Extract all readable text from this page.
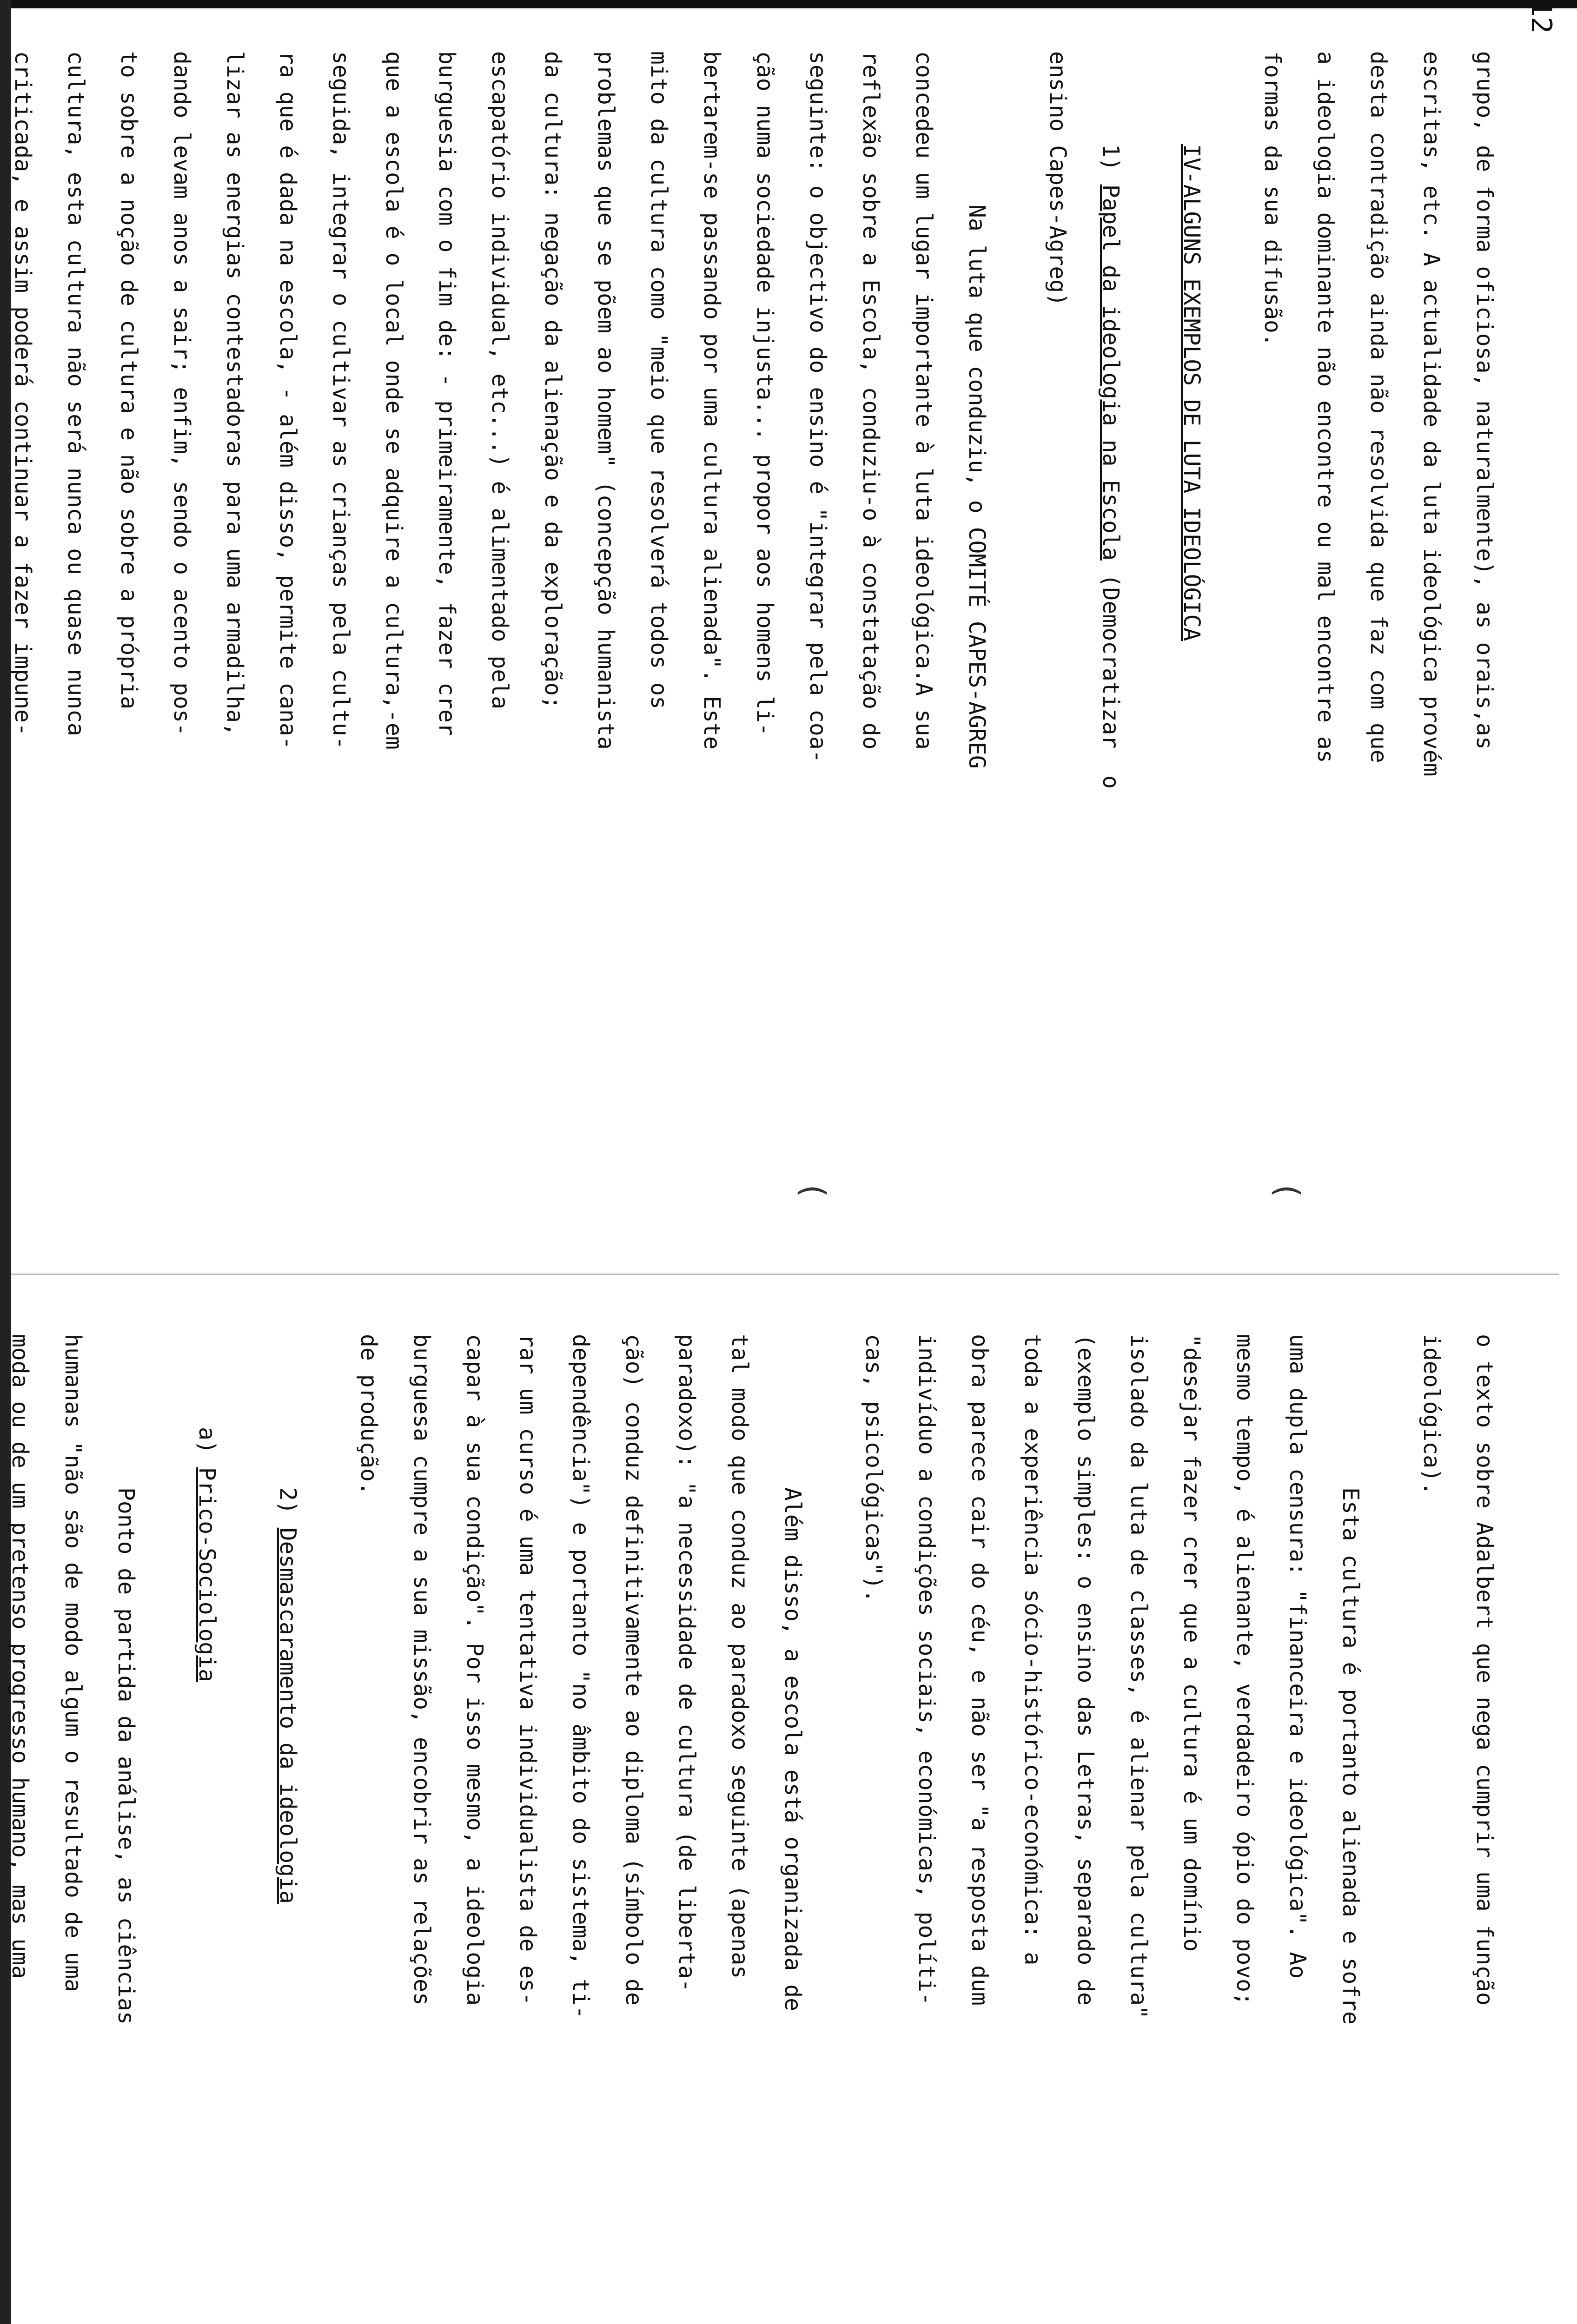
12
grupo, de forma oficiosa, naturalmente), as orais,as
escritas, etc. A actualidade da luta ideológica provém
desta contradição ainda não resolvida que faz com que
a ideologia dominante não encontre ou mal encontre as
formas da sua difusão.
IV-ALGUNS EXEMPLOS DE LUTA IDEOLÓGICA
1) Papel da ideologia na Escola (Democratizar  o
ensino Capes-Agreg)
Na luta que conduziu, o COMITÉ CAPES-AGREG
concedeu um lugar importante à luta ideológica.A sua
reflexão sobre a Escola, conduziu-o à constatação do
seguinte: o objectivo do ensino é "integrar pela coa-
ção numa sociedade injusta... propor aos homens li-
bertarem-se passando por uma cultura alienada". Este
mito da cultura como "meio que resolverá todos os
problemas que se põem ao homem" (concepção humanista
da cultura: negação da alienação e da exploração;
escapatório individual, etc...) é alimentado pela
burguesia com o fim de: - primeiramente, fazer crer
que a escola é o local onde se adquire a cultura,-em
seguida, integrar o cultivar as crianças pela cultu-
ra que é dada na escola, - além disso, permite cana-
lizar as energias contestadoras para uma armadilha,
dando levam anos a sair; enfim, sendo o acento pos-
to sobre a noção de cultura e não sobre a própria
cultura, esta cultura não será nunca ou quase nunca
criticada, e assim poderá continuar a fazer impune-
(
(
o texto sobre Adalbert que nega cumprir uma função
ideológica).
Esta cultura é portanto alienada e sofre
uma dupla censura: "financeira e ideológica". Ao
mesmo tempo, é alienante, verdadeiro ópio do povo;
"desejar fazer crer que a cultura é um domínio
isolado da luta de classes, é alienar pela cultura"
(exemplo simples: o ensino das Letras, separado de
toda a experiência sócio-histórico-económica: a
obra parece cair do céu, e não ser "a resposta dum
indivíduo a condições sociais, económicas, políti-
cas, psicológicas").
Além disso, a escola está organizada de
tal modo que conduz ao paradoxo seguinte (apenas
paradoxo): "a necessidade de cultura (de liberta-
ção) conduz definitivamente ao diploma (símbolo de
dependência") e portanto "no âmbito do sistema, ti-
rar um curso é uma tentativa individualista de es-
capar à sua condição". Por isso mesmo, a ideologia
burguesa cumpre a sua missão, encobrir as relações
de produção.
2) Desmascaramento da ideologia
a) Prico-Sociologia
Ponto de partida da análise, as ciências
humanas "não são de modo algum o resultado de uma
moda ou de um pretenso progresso humano, mas uma
